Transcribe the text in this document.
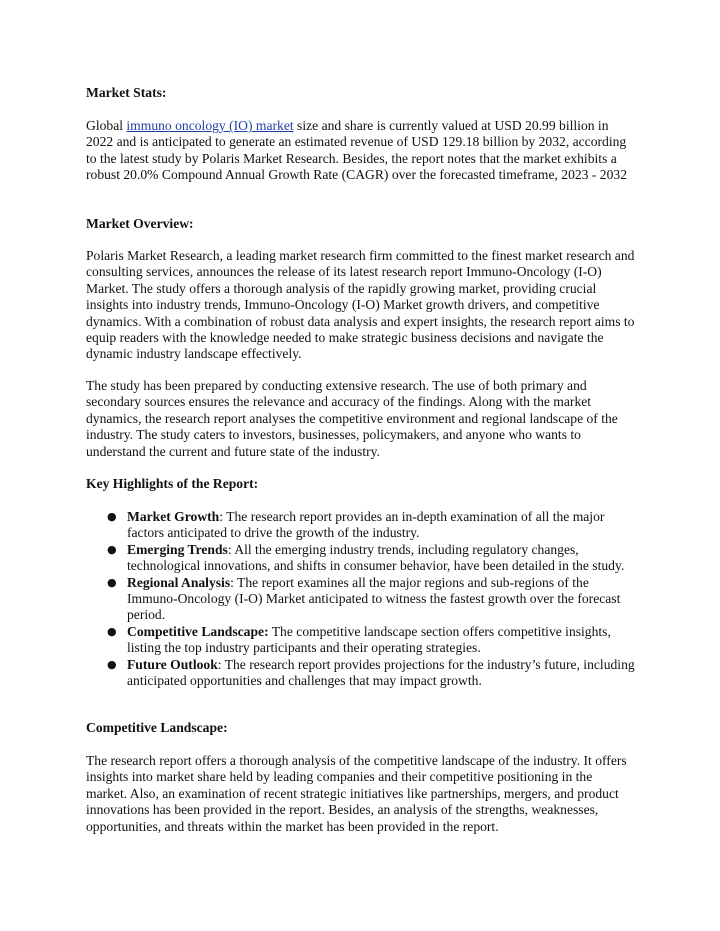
Market Stats:

Global immuno oncology (IO) market size and share is currently valued at USD 20.99 billion in 2022 and is anticipated to generate an estimated revenue of USD 129.18 billion by 2032, according to the latest study by Polaris Market Research. Besides, the report notes that the market exhibits a robust 20.0% Compound Annual Growth Rate (CAGR) over the forecasted timeframe, 2023 - 2032

Market Overview:

Polaris Market Research, a leading market research firm committed to the finest market research and consulting services, announces the release of its latest research report Immuno-Oncology (I-O) Market. The study offers a thorough analysis of the rapidly growing market, providing crucial insights into industry trends, Immuno-Oncology (I-O) Market growth drivers, and competitive dynamics. With a combination of robust data analysis and expert insights, the research report aims to equip readers with the knowledge needed to make strategic business decisions and navigate the dynamic industry landscape effectively.

The study has been prepared by conducting extensive research. The use of both primary and secondary sources ensures the relevance and accuracy of the findings. Along with the market dynamics, the research report analyses the competitive environment and regional landscape of the industry. The study caters to investors, businesses, policymakers, and anyone who wants to understand the current and future state of the industry.

Key Highlights of the Report:

● Market Growth: The research report provides an in-depth examination of all the major factors anticipated to drive the growth of the industry.
● Emerging Trends: All the emerging industry trends, including regulatory changes, technological innovations, and shifts in consumer behavior, have been detailed in the study.
● Regional Analysis: The report examines all the major regions and sub-regions of the Immuno-Oncology (I-O) Market anticipated to witness the fastest growth over the forecast period.
● Competitive Landscape: The competitive landscape section offers competitive insights, listing the top industry participants and their operating strategies.
● Future Outlook: The research report provides projections for the industry’s future, including anticipated opportunities and challenges that may impact growth.

Competitive Landscape:

The research report offers a thorough analysis of the competitive landscape of the industry. It offers insights into market share held by leading companies and their competitive positioning in the market. Also, an examination of recent strategic initiatives like partnerships, mergers, and product innovations has been provided in the report. Besides, an analysis of the strengths, weaknesses, opportunities, and threats within the market has been provided in the report.
